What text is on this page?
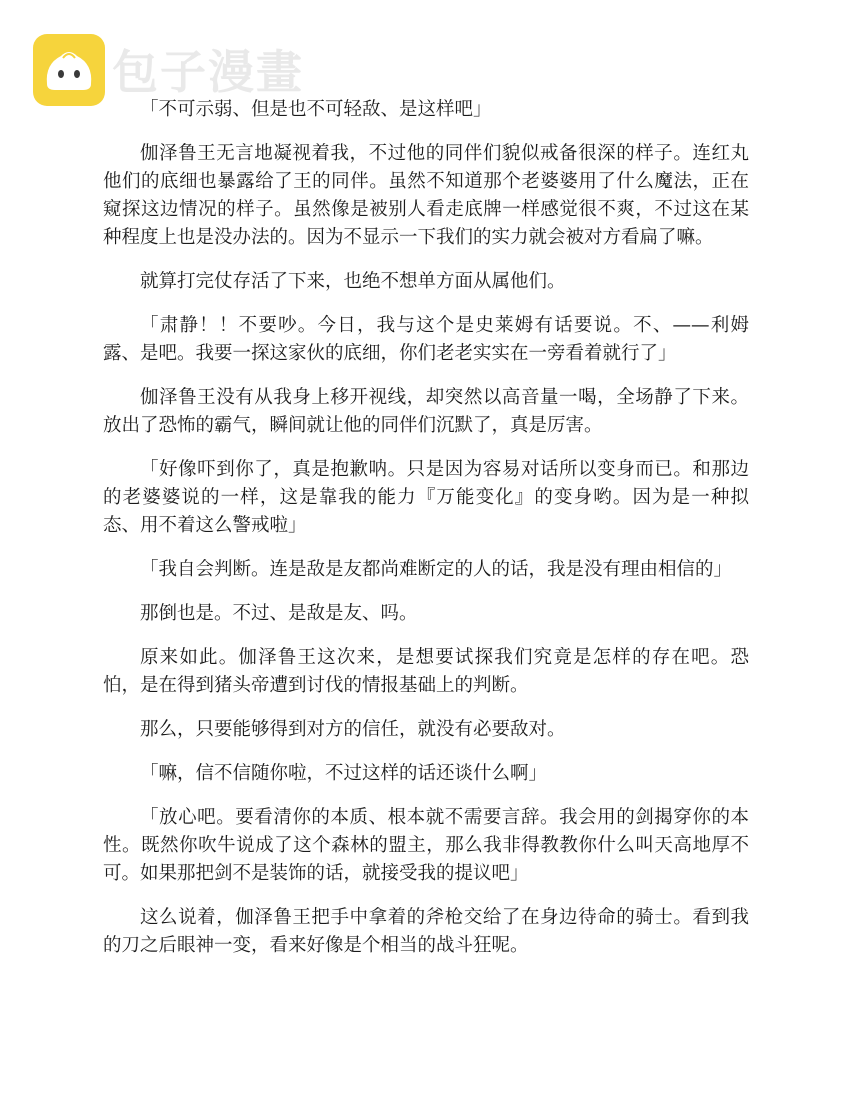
包子漫畫

「不可示弱、但是也不可轻敌、是这样吧」

伽泽鲁王无言地凝视着我，不过他的同伴们貌似戒备很深的样子。连红丸他们的底细也暴露给了王的同伴。虽然不知道那个老婆婆用了什么魔法，正在窥探这边情况的样子。虽然像是被别人看走底牌一样感觉很不爽，不过这在某种程度上也是没办法的。因为不显示一下我们的实力就会被对方看扁了嘛。

就算打完仗存活了下来，也绝不想单方面从属他们。

「肃静！！不要吵。今日，我与这个是史莱姆有话要说。不、——利姆露、是吧。我要一探这家伙的底细，你们老老实实在一旁看着就行了」

伽泽鲁王没有从我身上移开视线，却突然以高音量一喝，全场静了下来。放出了恐怖的霸气，瞬间就让他的同伴们沉默了，真是厉害。

「好像吓到你了，真是抱歉呐。只是因为容易对话所以变身而已。和那边的老婆婆说的一样，这是靠我的能力『万能变化』的变身哟。因为是一种拟态、用不着这么警戒啦」

「我自会判断。连是敌是友都尚难断定的人的话，我是没有理由相信的」

那倒也是。不过、是敌是友、吗。

原来如此。伽泽鲁王这次来，是想要试探我们究竟是怎样的存在吧。恐怕，是在得到猪头帝遭到讨伐的情报基础上的判断。

那么，只要能够得到对方的信任，就没有必要敌对。

「嘛，信不信随你啦，不过这样的话还谈什么啊」

「放心吧。要看清你的本质、根本就不需要言辞。我会用的剑揭穿你的本性。既然你吹牛说成了这个森林的盟主，那么我非得教教你什么叫天高地厚不可。如果那把剑不是装饰的话，就接受我的提议吧」

这么说着，伽泽鲁王把手中拿着的斧枪交给了在身边待命的骑士。看到我的刀之后眼神一变，看来好像是个相当的战斗狂呢。
